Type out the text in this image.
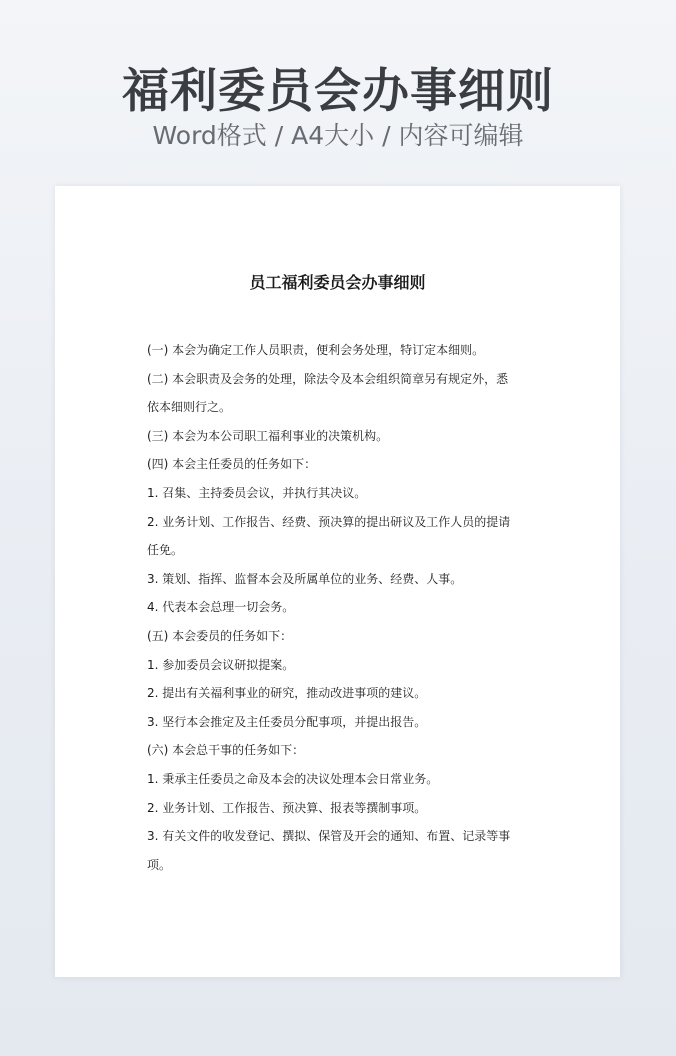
福利委员会办事细则
Word格式 / A4大小 / 内容可编辑
员工福利委员会办事细则
(一) 本会为确定工作人员职责，便利会务处理，特订定本细则。
(二) 本会职责及会务的处理，除法令及本会组织简章另有规定外，悉
依本细则行之。
(三) 本会为本公司职工福利事业的决策机构。
(四) 本会主任委员的任务如下：
1. 召集、主持委员会议，并执行其决议。
2. 业务计划、工作报告、经费、预决算的提出研议及工作人员的提请
任免。
3. 策划、指挥、监督本会及所属单位的业务、经费、人事。
4. 代表本会总理一切会务。
(五) 本会委员的任务如下：
1. 参加委员会议研拟提案。
2. 提出有关福利事业的研究，推动改进事项的建议。
3. 坚行本会推定及主任委员分配事项，并提出报告。
(六) 本会总干事的任务如下：
1. 秉承主任委员之命及本会的决议处理本会日常业务。
2. 业务计划、工作报告、预决算、报表等撰制事项。
3. 有关文件的收发登记、撰拟、保管及开会的通知、布置、记录等事
项。
